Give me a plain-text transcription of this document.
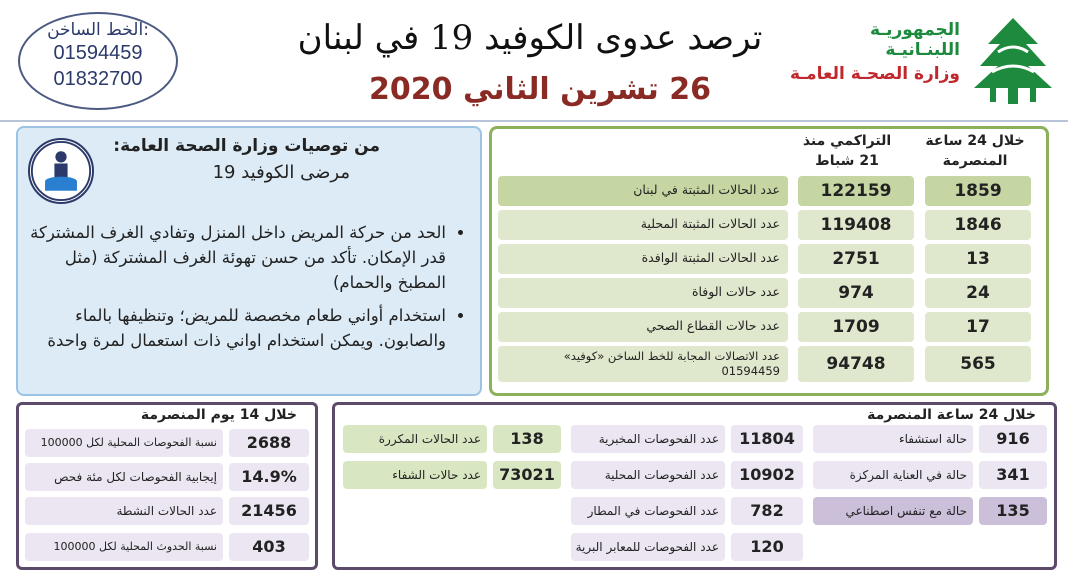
الخط الساخن:
01594459
01832700
ترصد عدوى الكوفيد 19 في لبنان
26 تشرين الثاني 2020
الجمهوريـة اللبنـانيـة
وزارة الصحـة العامـة
من توصيات وزارة الصحة العامة:
مرضى الكوفيد 19
• الحد من حركة المريض داخل المنزل وتفادي الغرف المشتركة قدر الإمكان. تأكد من حسن تهوئة الغرف المشتركة (مثل المطبخ والحمام)
• استخدام أواني طعام مخصصة للمريض؛ وتنظيفها بالماء والصابون. ويمكن استخدام اواني ذات استعمال لمرة واحدة
خلال 24 ساعة المنصرمة
التراكمي منذ 21 شباط
1859
122159
عدد الحالات المثبتة في لبنان
1846
119408
عدد الحالات المثبتة المحلية
13
2751
عدد الحالات المثبتة الوافدة
24
974
عدد حالات الوفاة
17
1709
عدد حالات القطاع الصحي
565
94748
عدد الاتصالات المجابة للخط الساخن «كوفيد» 01594459
خلال 14 يوم المنصرمة
2688
نسبة الفحوصات المحلية لكل 100000
14.9%
إيجابية الفحوصات لكل مئة فحص
21456
عدد الحالات النشطة
403
نسبة الحدوث المحلية لكل 100000
خلال 24 ساعة المنصرمة
916
حالة استشفاء
341
حالة في العناية المركزة
135
حالة مع تنفس اصطناعي
11804
عدد الفحوصات المخبرية
10902
عدد الفحوصات المحلية
782
عدد الفحوصات في المطار
120
عدد الفحوصات للمعابر البرية
138
عدد الحالات المكررة
73021
عدد حالات الشفاء
